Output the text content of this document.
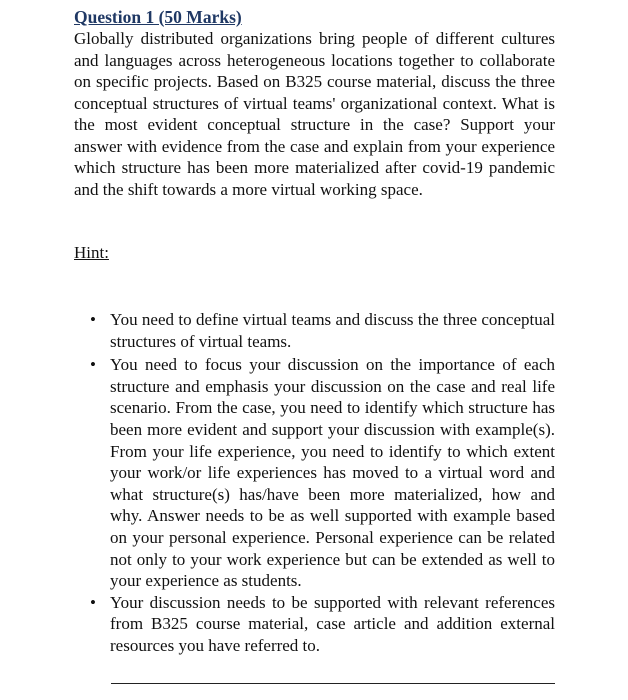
Question 1 (50 Marks)

Globally distributed organizations bring people of different cultures and languages across heterogeneous locations together to collaborate on specific projects. Based on B325 course material, discuss the three conceptual structures of virtual teams' organizational context. What is the most evident conceptual structure in the case? Support your answer with evidence from the case and explain from your experience which structure has been more materialized after covid-19 pandemic and the shift towards a more virtual working space.

Hint:

• You need to define virtual teams and discuss the three conceptual structures of virtual teams.
• You need to focus your discussion on the importance of each structure and emphasis your discussion on the case and real life scenario. From the case, you need to identify which structure has been more evident and support your discussion with example(s). From your life experience, you need to identify to which extent your work/or life experiences has moved to a virtual word and what structure(s) has/have been more materialized, how and why. Answer needs to be as well supported with example based on your personal experience. Personal experience can be related not only to your work experience but can be extended as well to your experience as students.
• Your discussion needs to be supported with relevant references from B325 course material, case article and addition external resources you have referred to.
